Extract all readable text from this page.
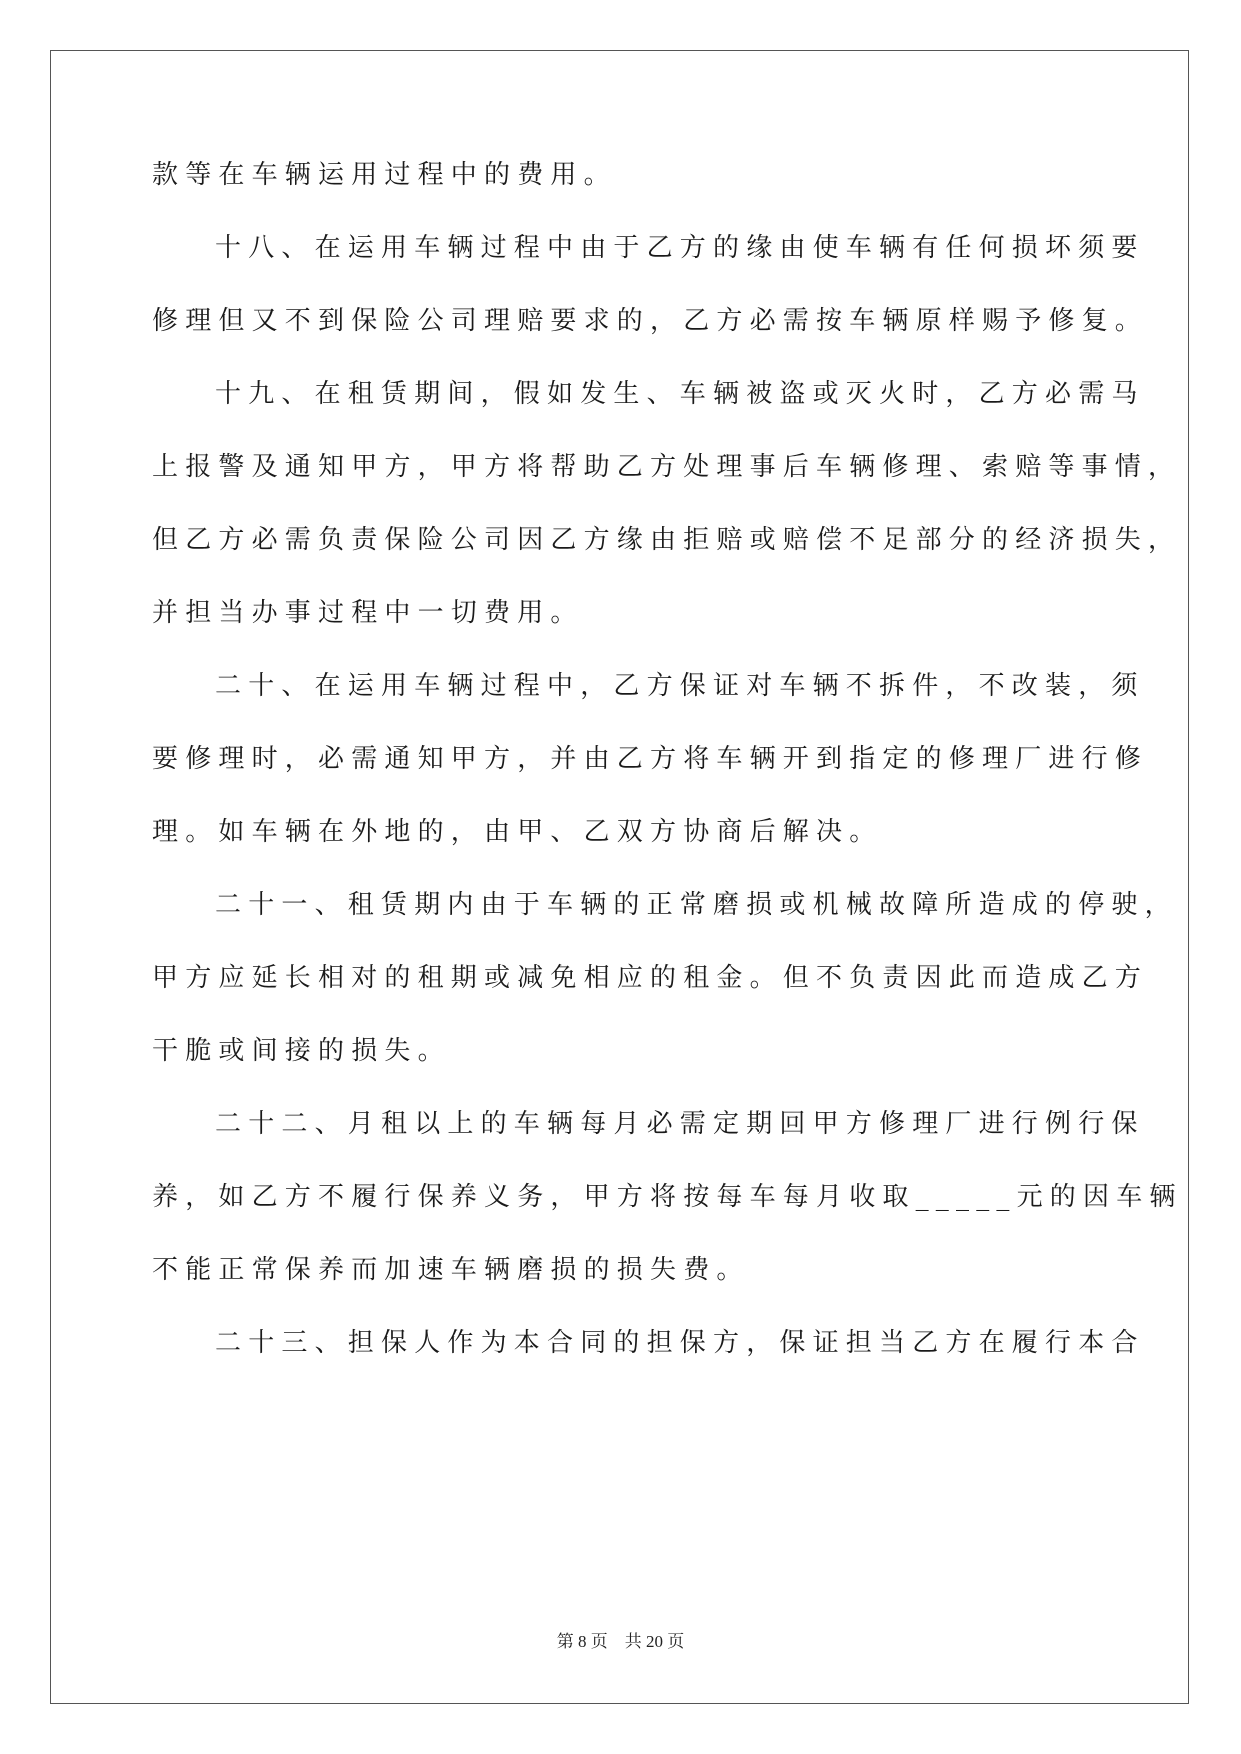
款等在车辆运用过程中的费用。
十八、在运用车辆过程中由于乙方的缘由使车辆有任何损坏须要
修理但又不到保险公司理赔要求的，乙方必需按车辆原样赐予修复。
十九、在租赁期间，假如发生、车辆被盗或灭火时，乙方必需马
上报警及通知甲方，甲方将帮助乙方处理事后车辆修理、索赔等事情，
但乙方必需负责保险公司因乙方缘由拒赔或赔偿不足部分的经济损失，
并担当办事过程中一切费用。
二十、在运用车辆过程中，乙方保证对车辆不拆件，不改装，须
要修理时，必需通知甲方，并由乙方将车辆开到指定的修理厂进行修
理。如车辆在外地的，由甲、乙双方协商后解决。
二十一、租赁期内由于车辆的正常磨损或机械故障所造成的停驶，
甲方应延长相对的租期或减免相应的租金。但不负责因此而造成乙方
干脆或间接的损失。
二十二、月租以上的车辆每月必需定期回甲方修理厂进行例行保
养，如乙方不履行保养义务，甲方将按每车每月收取_____元的因车辆
不能正常保养而加速车辆磨损的损失费。
二十三、担保人作为本合同的担保方，保证担当乙方在履行本合
第 8 页 共 20 页
